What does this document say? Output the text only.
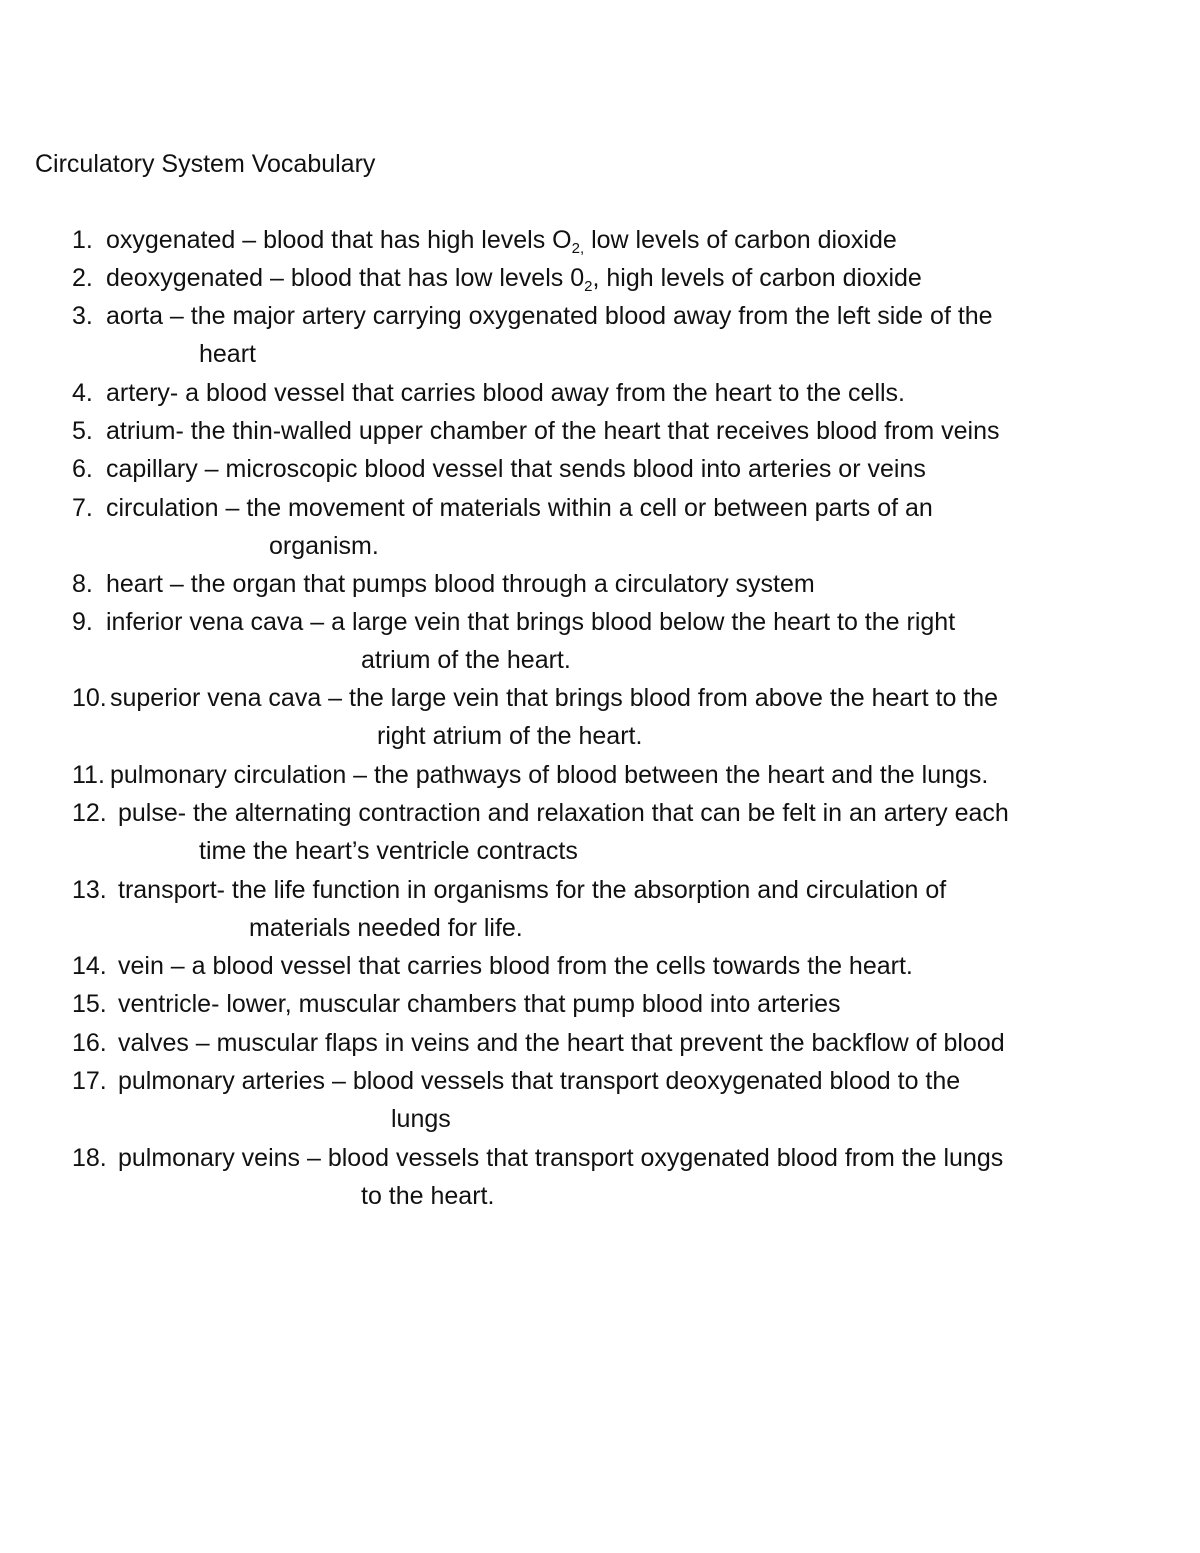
Circulatory System Vocabulary
1. oxygenated – blood that has high levels $O_{2,}$ low levels of carbon dioxide
2. deoxygenated – blood that has low levels $0_2$, high levels of carbon dioxide
3. aorta – the major artery carrying oxygenated blood away from the left side of the
heart
4. artery- a blood vessel that carries blood away from the heart to the cells.
5. atrium- the thin-walled upper chamber of the heart that receives blood from veins
6. capillary – microscopic blood vessel that sends blood into arteries or veins
7. circulation – the movement of materials within a cell or between parts of an
organism.
8. heart – the organ that pumps blood through a circulatory system
9. inferior vena cava – a large vein that brings blood below the heart to the right
atrium of the heart.
10. superior vena cava – the large vein that brings blood from above the heart to the
right atrium of the heart.
11. pulmonary circulation – the pathways of blood between the heart and the lungs.
12. pulse- the alternating contraction and relaxation that can be felt in an artery each
time the heart’s ventricle contracts
13. transport- the life function in organisms for the absorption and circulation of
materials needed for life.
14. vein – a blood vessel that carries blood from the cells towards the heart.
15. ventricle- lower, muscular chambers that pump blood into arteries
16. valves – muscular flaps in veins and the heart that prevent the backflow of blood
17. pulmonary arteries – blood vessels that transport deoxygenated blood to the
lungs
18. pulmonary veins – blood vessels that transport oxygenated blood from the lungs
to the heart.
